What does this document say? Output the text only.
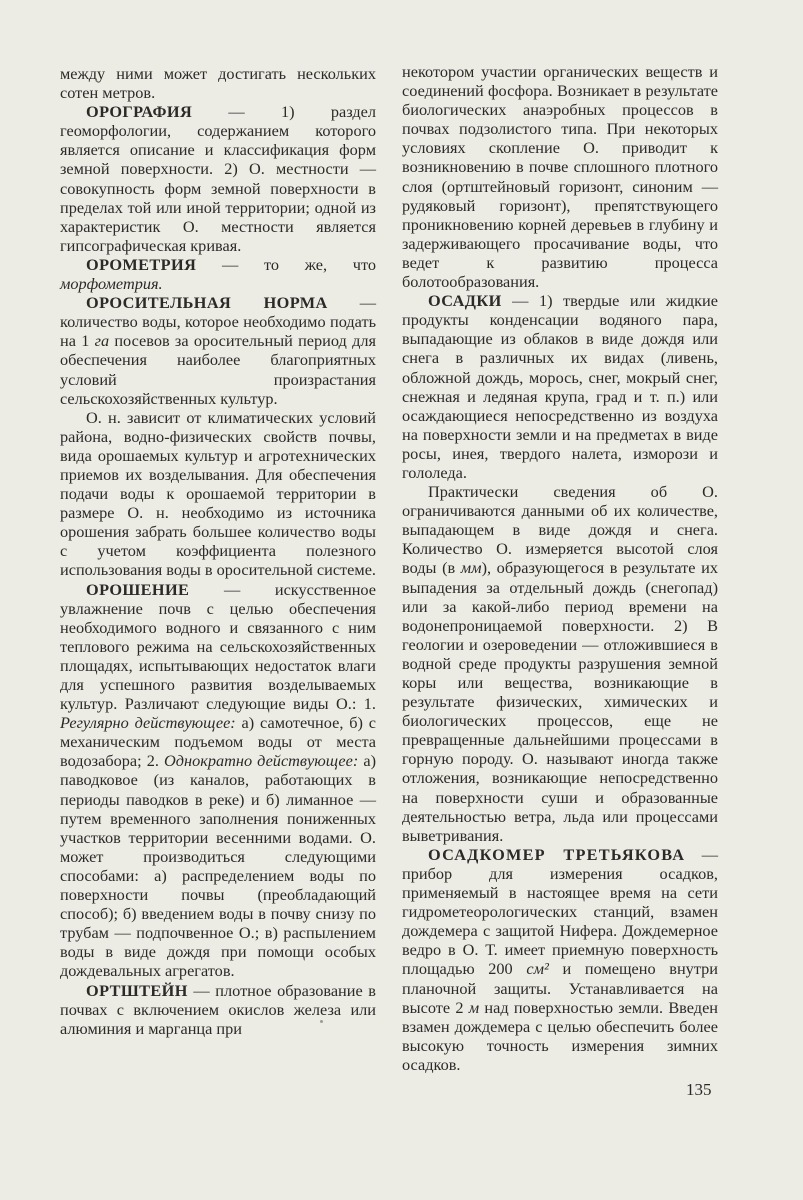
между ними может достигать нескольких сотен метров.

ОРОГРАФИЯ — 1) раздел геоморфологии, содержанием которого является описание и классификация форм земной поверхности. 2) О. местности — совокупность форм земной поверхности в пределах той или иной территории; одной из характеристик О. местности является гипсографическая кривая.

ОРОМЕТРИЯ — то же, что морфометрия.

ОРОСИТЕЛЬНАЯ НОРМА — количество воды, которое необходимо подать на 1 га посевов за оросительный период для обеспечения наиболее благоприятных условий произрастания сельскохозяйственных культур.

О. н. зависит от климатических условий района, водно-физических свойств почвы, вида орошаемых культур и агротехнических приемов их возделывания. Для обеспечения подачи воды к орошаемой территории в размере О. н. необходимо из источника орошения забрать большее количество воды с учетом коэффициента полезного использования воды в оросительной системе.

ОРОШЕНИЕ — искусственное увлажнение почв с целью обеспечения необходимого водного и связанного с ним теплового режима на сельскохозяйственных площадях, испытывающих недостаток влаги для успешного развития возделываемых культур. Различают следующие виды О.: 1. Регулярно действующее: а) самотечное, б) с механическим подъемом воды от места водозабора; 2. Однократно действующее: а) паводковое (из каналов, работающих в периоды паводков в реке) и б) лиманное — путем временного заполнения пониженных участков территории весенними водами. О. может производиться следующими способами: а) распределением воды по поверхности почвы (преобладающий способ); б) введением воды в почву снизу по трубам — подпочвенное О.; в) распылением воды в виде дождя при помощи особых дождевальных агрегатов.

ОРТШТЕЙН — плотное образование в почвах с включением окислов железа или алюминия и марганца при

некотором участии органических веществ и соединений фосфора. Возникает в результате биологических анаэробных процессов в почвах подзолистого типа. При некоторых условиях скопление О. приводит к возникновению в почве сплошного плотного слоя (ортштейновый горизонт, синоним — рудяковый горизонт), препятствующего проникновению корней деревьев в глубину и задерживающего просачивание воды, что ведет к развитию процесса болотообразования.

ОСАДКИ — 1) твердые или жидкие продукты конденсации водяного пара, выпадающие из облаков в виде дождя или снега в различных их видах (ливень, обложной дождь, морось, снег, мокрый снег, снежная и ледяная крупа, град и т. п.) или осаждающиеся непосредственно из воздуха на поверхности земли и на предметах в виде росы, инея, твердого налета, изморози и гололеда.

Практически сведения об О. ограничиваются данными об их количестве, выпадающем в виде дождя и снега. Количество О. измеряется высотой слоя воды (в мм), образующегося в результате их выпадения за отдельный дождь (снегопад) или за какой-либо период времени на водонепроницаемой поверхности. 2) В геологии и озероведении — отложившиеся в водной среде продукты разрушения земной коры или вещества, возникающие в результате физических, химических и биологических процессов, еще не превращенные дальнейшими процессами в горную породу. О. называют иногда также отложения, возникающие непосредственно на поверхности суши и образованные деятельностью ветра, льда или процессами выветривания.

ОСАДКОМЕР ТРЕТЬЯКОВА — прибор для измерения осадков, применяемый в настоящее время на сети гидрометеорологических станций, взамен дождемера с защитой Нифера. Дождемерное ведро в О. Т. имеет приемную поверхность площадью 200 см² и помещено внутри планочной защиты. Устанавливается на высоте 2 м над поверхностью земли. Введен взамен дождемера с целью обеспечить более высокую точность измерения зимних осадков.

135
